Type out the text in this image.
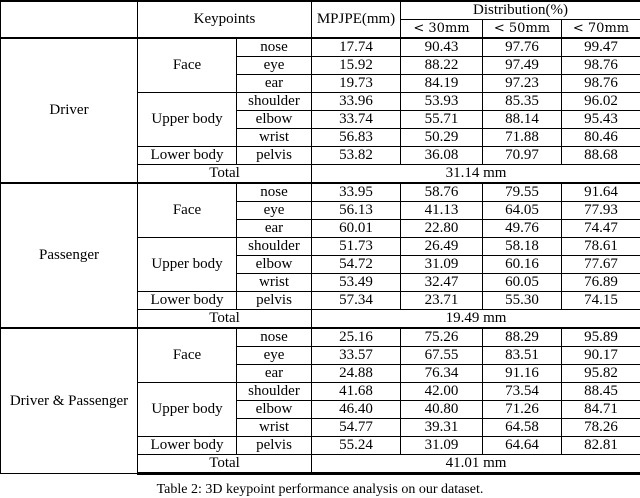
	Keypoints		MPJPE(mm)	Distribution(%)		
				< 30mm	< 50mm	< 70mm
Driver	Face	nose	17.74	90.43	97.76	99.47
		eye	15.92	88.22	97.49	98.76
		ear	19.73	84.19	97.23	98.76
	Upper body	shoulder	33.96	53.93	85.35	96.02
		elbow	33.74	55.71	88.14	95.43
		wrist	56.83	50.29	71.88	80.46
	Lower body	pelvis	53.82	36.08	70.97	88.68
	Total		31.14 mm			
Passenger	Face	nose	33.95	58.76	79.55	91.64
		eye	56.13	41.13	64.05	77.93
		ear	60.01	22.80	49.76	74.47
	Upper body	shoulder	51.73	26.49	58.18	78.61
		elbow	54.72	31.09	60.16	77.67
		wrist	53.49	32.47	60.05	76.89
	Lower body	pelvis	57.34	23.71	55.30	74.15
	Total		19.49 mm			
Driver & Passenger	Face	nose	25.16	75.26	88.29	95.89
		eye	33.57	67.55	83.51	90.17
		ear	24.88	76.34	91.16	95.82
	Upper body	shoulder	41.68	42.00	73.54	88.45
		elbow	46.40	40.80	71.26	84.71
		wrist	54.77	39.31	64.58	78.26
	Lower body	pelvis	55.24	31.09	64.64	82.81
	Total		41.01 mm			
Table 2: 3D keypoint performance analysis on our dataset.
